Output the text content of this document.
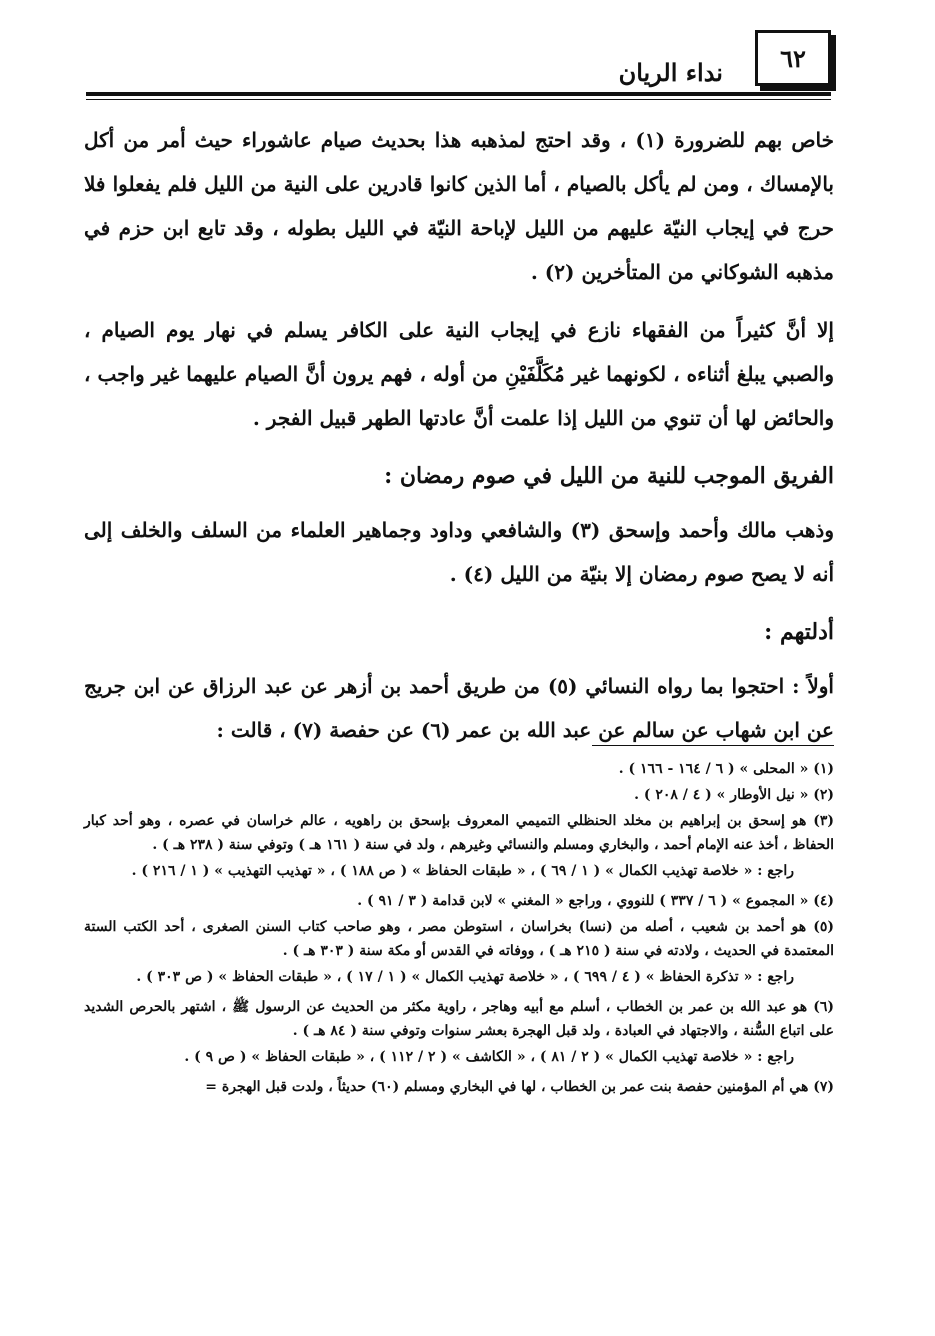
٦٢
نداء الريان

خاص بهم للضرورة (١) ، وقد احتج لمذهبه هذا بحديث صيام عاشوراء حيث أمر من أكل بالإمساك ، ومن لم يأكل بالصيام ، أما الذين كانوا قادرين على النية من الليل فلم يفعلوا فلا حرج في إيجاب النيّة عليهم من الليل لإباحة النيّة في الليل بطوله ، وقد تابع ابن حزم في مذهبه الشوكاني من المتأخرين (٢) .

إلا أنَّ كثيراً من الفقهاء نازع في إيجاب النية على الكافر يسلم في نهار يوم الصيام ، والصبي يبلغ أثناءه ، لكونهما غير مُكَلَّفَيْنِ من أوله ، فهم يرون أنَّ الصيام عليهما غير واجب ، والحائض لها أن تنوي من الليل إذا علمت أنَّ عادتها الطهر قبيل الفجر .

الفريق الموجب للنية من الليل في صوم رمضان :

وذهب مالك وأحمد وإسحق (٣) والشافعي وداود وجماهير العلماء من السلف والخلف إلى أنه لا يصح صوم رمضان إلا بنيّة من الليل (٤) .

أدلتهم :

أولاً : احتجوا بما رواه النسائي (٥) من طريق أحمد بن أزهر عن عبد الرزاق عن ابن جريج عن ابن شهاب عن سالم عن عبد الله بن عمر (٦) عن حفصة (٧) ، قالت :

(١) « المحلى » ( ٦ / ١٦٤ - ١٦٦ ) .

(٢) « نيل الأوطار » ( ٤ / ٢٠٨ ) .

(٣) هو إسحق بن إبراهيم بن مخلد الحنظلي التميمي المعروف بإسحق بن راهويه ، عالم خراسان في عصره ، وهو أحد كبار الحفاظ ، أخذ عنه الإمام أحمد ، والبخاري ومسلم والنسائي وغيرهم ، ولد في سنة ( ١٦١ هـ ) وتوفي سنة ( ٢٣٨ هـ ) .

راجع : « خلاصة تهذيب الكمال » ( ١ / ٦٩ ) ، « طبقات الحفاظ » ( ص ١٨٨ ) ، « تهذيب التهذيب » ( ١ / ٢١٦ ) .

(٤) « المجموع » ( ٦ / ٣٣٧ ) للنووي ، وراجع « المغني » لابن قدامة ( ٣ / ٩١ ) .

(٥) هو أحمد بن شعيب ، أصله من (نسا) بخراسان ، استوطن مصر ، وهو صاحب كتاب السنن الصغرى ، أحد الكتب الستة المعتمدة في الحديث ، ولادته في سنة ( ٢١٥ هـ ) ، ووفاته في القدس أو مكة سنة ( ٣٠٣ هـ ) .

راجع : « تذكرة الحفاظ » ( ٤ / ٦٩٩ ) ، « خلاصة تهذيب الكمال » ( ١ / ١٧ ) ، « طبقات الحفاظ » ( ص ٣٠٣ ) .

(٦) هو عبد الله بن عمر بن الخطاب ، أسلم مع أبيه وهاجر ، راوية مكثر من الحديث عن الرسول ﷺ ، اشتهر بالحرص الشديد على اتباع السُّنة ، والاجتهاد في العبادة ، ولد قبل الهجرة بعشر سنوات وتوفي سنة ( ٨٤ هـ ) .

راجع : « خلاصة تهذيب الكمال » ( ٢ / ٨١ ) ، « الكاشف » ( ٢ / ١١٢ ) ، « طبقات الحفاظ » ( ص ٩ ) .

(٧) هي أم المؤمنين حفصة بنت عمر بن الخطاب ، لها في البخاري ومسلم (٦٠) حديثاً ، ولدت قبل الهجرة =
